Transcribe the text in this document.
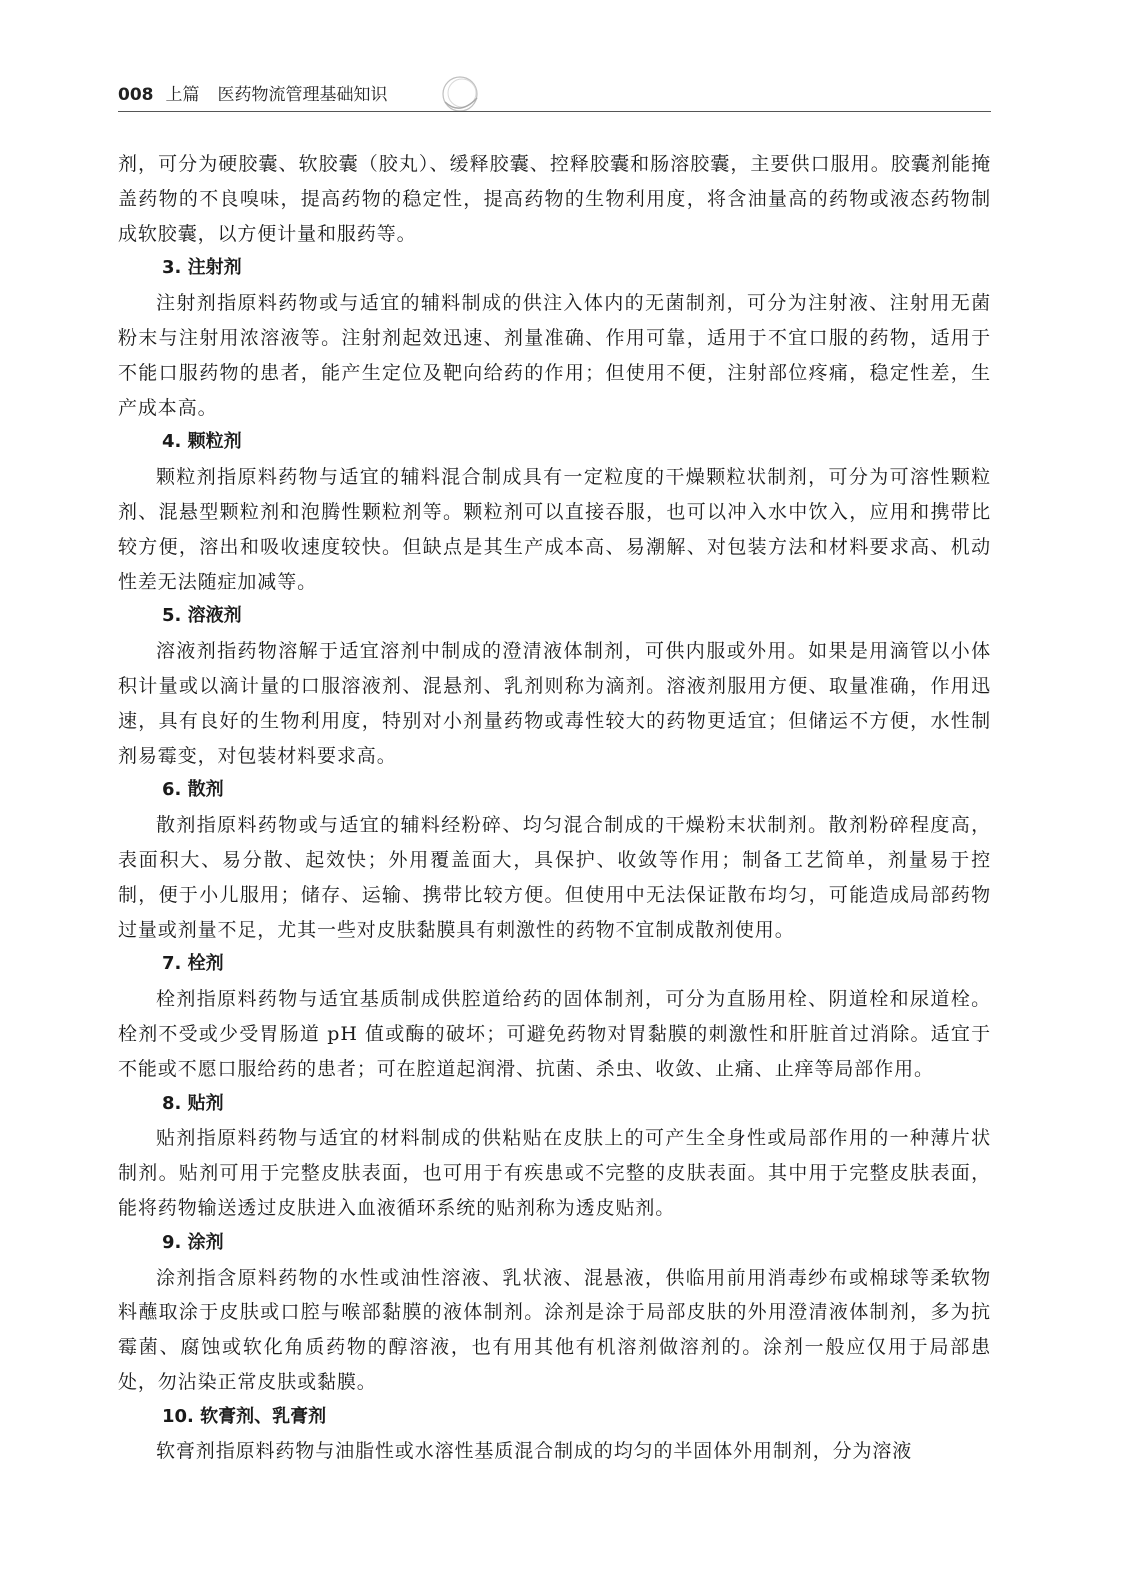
008 上篇 医药物流管理基础知识

剂，可分为硬胶囊、软胶囊（胶丸）、缓释胶囊、控释胶囊和肠溶胶囊，主要供口服用。胶囊剂能掩盖药物的不良嗅味，提高药物的稳定性，提高药物的生物利用度，将含油量高的药物或液态药物制成软胶囊，以方便计量和服药等。

3. 注射剂

注射剂指原料药物或与适宜的辅料制成的供注入体内的无菌制剂，可分为注射液、注射用无菌粉末与注射用浓溶液等。注射剂起效迅速、剂量准确、作用可靠，适用于不宜口服的药物，适用于不能口服药物的患者，能产生定位及靶向给药的作用；但使用不便，注射部位疼痛，稳定性差，生产成本高。

4. 颗粒剂

颗粒剂指原料药物与适宜的辅料混合制成具有一定粒度的干燥颗粒状制剂，可分为可溶性颗粒剂、混悬型颗粒剂和泡腾性颗粒剂等。颗粒剂可以直接吞服，也可以冲入水中饮入，应用和携带比较方便，溶出和吸收速度较快。但缺点是其生产成本高、易潮解、对包装方法和材料要求高、机动性差无法随症加减等。

5. 溶液剂

溶液剂指药物溶解于适宜溶剂中制成的澄清液体制剂，可供内服或外用。如果是用滴管以小体积计量或以滴计量的口服溶液剂、混悬剂、乳剂则称为滴剂。溶液剂服用方便、取量准确，作用迅速，具有良好的生物利用度，特别对小剂量药物或毒性较大的药物更适宜；但储运不方便，水性制剂易霉变，对包装材料要求高。

6. 散剂

散剂指原料药物或与适宜的辅料经粉碎、均匀混合制成的干燥粉末状制剂。散剂粉碎程度高，表面积大、易分散、起效快；外用覆盖面大，具保护、收敛等作用；制备工艺简单，剂量易于控制，便于小儿服用；储存、运输、携带比较方便。但使用中无法保证散布均匀，可能造成局部药物过量或剂量不足，尤其一些对皮肤黏膜具有刺激性的药物不宜制成散剂使用。

7. 栓剂

栓剂指原料药物与适宜基质制成供腔道给药的固体制剂，可分为直肠用栓、阴道栓和尿道栓。栓剂不受或少受胃肠道 pH 值或酶的破坏；可避免药物对胃黏膜的刺激性和肝脏首过消除。适宜于不能或不愿口服给药的患者；可在腔道起润滑、抗菌、杀虫、收敛、止痛、止痒等局部作用。

8. 贴剂

贴剂指原料药物与适宜的材料制成的供粘贴在皮肤上的可产生全身性或局部作用的一种薄片状制剂。贴剂可用于完整皮肤表面，也可用于有疾患或不完整的皮肤表面。其中用于完整皮肤表面，能将药物输送透过皮肤进入血液循环系统的贴剂称为透皮贴剂。

9. 涂剂

涂剂指含原料药物的水性或油性溶液、乳状液、混悬液，供临用前用消毒纱布或棉球等柔软物料蘸取涂于皮肤或口腔与喉部黏膜的液体制剂。涂剂是涂于局部皮肤的外用澄清液体制剂，多为抗霉菌、腐蚀或软化角质药物的醇溶液，也有用其他有机溶剂做溶剂的。涂剂一般应仅用于局部患处，勿沾染正常皮肤或黏膜。

10. 软膏剂、乳膏剂

软膏剂指原料药物与油脂性或水溶性基质混合制成的均匀的半固体外用制剂，分为溶液
